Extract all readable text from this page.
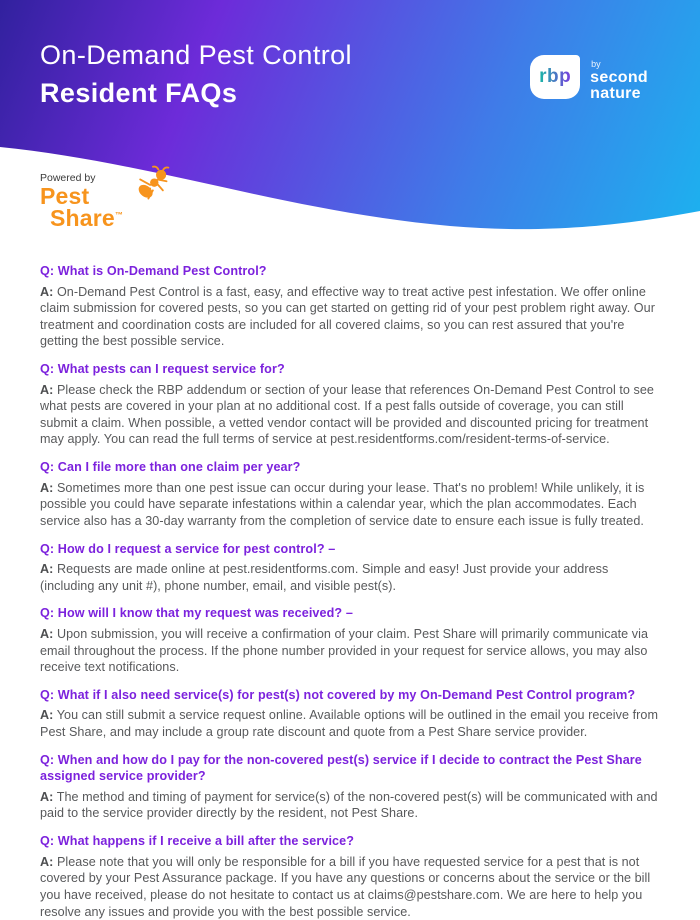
On-Demand Pest Control
Resident FAQs
rbp
by
second
nature
Powered by
Pest
Share™
Q: What is On-Demand Pest Control?

A: On-Demand Pest Control is a fast, easy, and effective way to treat active pest infestation. We offer online claim submission for covered pests, so you can get started on getting rid of your pest problem right away. Our treatment and coordination costs are included for all covered claims, so you can rest assured that you're getting the best possible service.

Q: What pests can I request service for?

A: Please check the RBP addendum or section of your lease that references On-Demand Pest Control to see what pests are covered in your plan at no additional cost. If a pest falls outside of coverage, you can still submit a claim. When possible, a vetted vendor contact will be provided and discounted pricing for treatment may apply. You can read the full terms of service at pest.residentforms.com/resident-terms-of-service.

Q: Can I file more than one claim per year?

A: Sometimes more than one pest issue can occur during your lease. That's no problem! While unlikely, it is possible you could have separate infestations within a calendar year, which the plan accommodates. Each service also has a 30-day warranty from the completion of service date to ensure each issue is fully treated.

Q: How do I request a service for pest control? –

A: Requests are made online at pest.residentforms.com. Simple and easy! Just provide your address (including any unit #), phone number, email, and visible pest(s).

Q: How will I know that my request was received? –

A: Upon submission, you will receive a confirmation of your claim. Pest Share will primarily communicate via email throughout the process. If the phone number provided in your request for service allows, you may also receive text notifications.

Q: What if I also need service(s) for pest(s) not covered by my On-Demand Pest Control program?

A: You can still submit a service request online. Available options will be outlined in the email you receive from Pest Share, and may include a group rate discount and quote from a Pest Share service provider.

Q: When and how do I pay for the non-covered pest(s) service if I decide to contract the Pest Share assigned service provider?

A: The method and timing of payment for service(s) of the non-covered pest(s) will be communicated with and paid to the service provider directly by the resident, not Pest Share.

Q: What happens if I receive a bill after the service?

A: Please note that you will only be responsible for a bill if you have requested service for a pest that is not covered by your Pest Assurance package. If you have any questions or concerns about the service or the bill you have received, please do not hesitate to contact us at claims@pestshare.com. We are here to help you resolve any issues and provide you with the best possible service.
